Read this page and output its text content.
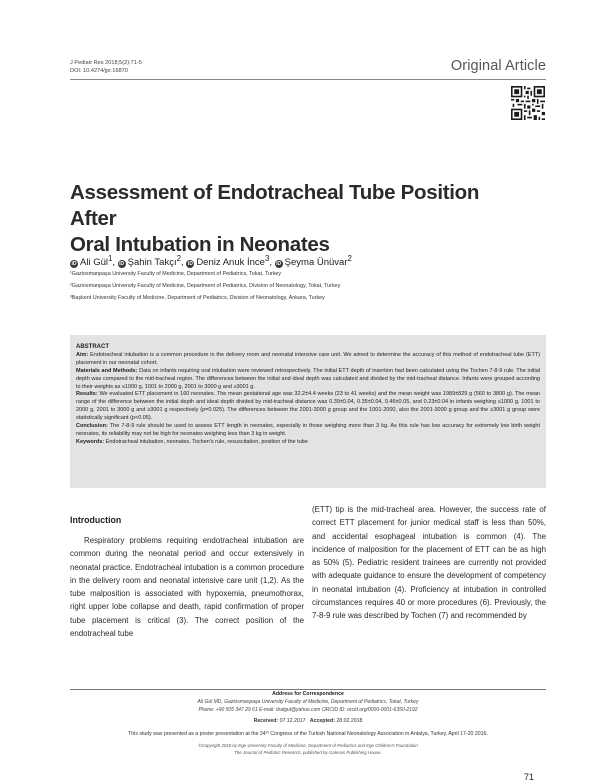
J Pediatr Res 2018;5(2):71-5
DOI: 10.4274/jpr.16870	Original Article
Assessment of Endotracheal Tube Position After
Oral Intubation in Neonates
iD Ali Gül$^1$, iD Şahin Takçı$^2$, iD Deniz Anuk İnce$^3$, iD Şeyma Ünüvar$^2$
¹Gaziosmanpaşa University Faculty of Medicine, Department of Pediatrics, Tokat, Turkey
²Gaziosmanpaşa University Faculty of Medicine, Department of Pediatrics, Division of Neonatology, Tokat, Turkey
³Başkent University Faculty of Medicine, Department of Pediatrics, Division of Neonatology, Ankara, Turkey
ABSTRACT

Aim: Endotracheal intubation is a common procedure in the delivery room and neonatal intensive care unit. We aimed to determine the accuracy of this method of endotracheal tube (ETT) placement in our neonatal cohort.

Materials and Methods: Data on infants requiring oral intubation were reviewed retrospectively. The initial ETT depth of insertion had been calculated using the Tochen 7-8-9 rule. The initial depth was compared to the mid-tracheal region. The differences between the initial and ideal depth was calculated and divided by the mid-tracheal distance. Infants were grouped according to their weights as ≤1000 g, 1001 to 2000 g, 2001 to 3000 g and ≥3001 g.

Results: We evaluated ETT placement in 160 neonates. The mean gestational age was 32.2±4.4 weeks (23 to 41 weeks) and the mean weight was 1989±829 g (560 to 3800 g). The mean range of the difference between the initial depth and ideal depth divided by mid-tracheal distance was 0.39±0.04, 0.35±0.04, 0.46±0.05, and 0.23±0.04 in infants weighing ≤1000 g, 1001 to 2000 g, 2001 to 3000 g and ≥3001 g respectively (p=0.025). The differences between the 2001-3000 g group and the 1001-2000, also the 2001-3000 g group and the ≥3001 g group were statistically significant (p<0.05).

Conclusion: The 7-8-9 rule should be used to assess ETT length in neonates, especially in those weighing more than 3 kg. As this rule has low accuracy for extremely low birth weight neonates, its reliability may not be high for neonates weighing less than 3 kg in weight.

Keywords: Endotracheal intubation, neonates, Tochen's rule, resuscitation, position of the tube

Introduction
Respiratory problems requiring endotracheal intubation are common during the neonatal period and occur extensively in neonatal practice. Endotracheal intubation is a common procedure in the delivery room and neonatal intensive care unit (1,2). As the tube malposition is associated with hypoxemia, pneumothorax, right upper lobe collapse and death, rapid confirmation of proper tube placement is critical (3). The correct position of the endotracheal tube
(ETT) tip is the mid-tracheal area. However, the success rate of correct ETT placement for junior medical staff is less than 50%, and accidental esophageal intubation is common (4). The incidence of malposition for the placement of ETT can be as high as 50% (5). Pediatric resident trainees are currently not provided with adequate guidance to ensure the development of competency in neonatal intubation (4). Proficiency at intubation in controlled circumstances requires 40 or more procedures (6). Previously, the 7-8-9 rule was described by Tochen (7) and recommended by
Address for Correspondence
Ali Gül MD, Gaziosmanpaşa University Faculty of Medicine, Department of Pediatrics, Tokat, Turkey
Phone: +90 505 347 29 61 E-mail: dralgul@yahoo.com ORCID ID: orcid.org/0000-0001-6350-2192
Received: 07.12.2017 Accepted: 28.02.2018
This study was presented as a poster presentation at the 24ᵗʰ Congress of the Turkish National Neonatology Association in Antalya, Turkey, April 17-20 2016.
©Copyright 2018 by Ege University Faculty of Medicine, Department of Pediatrics and Ege Children's Foundation
The Journal of Pediatric Research, published by Galenos Publishing House.
71
